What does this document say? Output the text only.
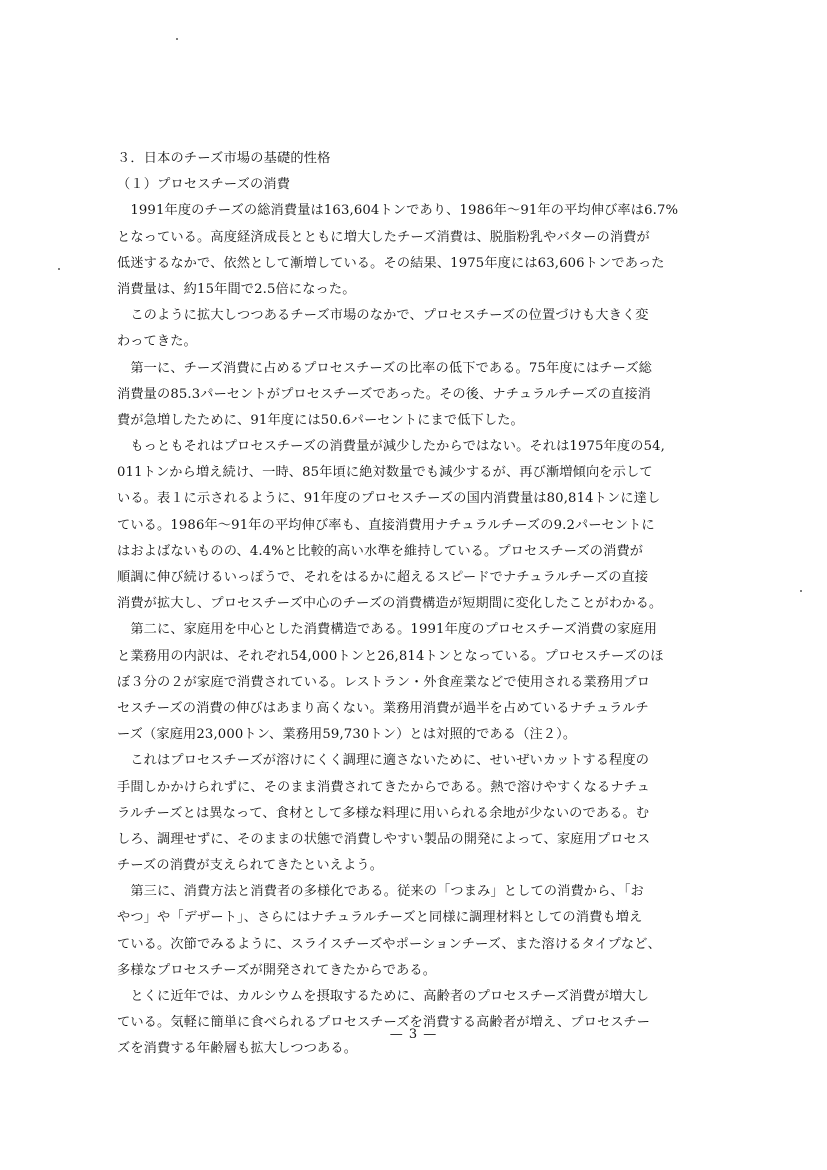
３．日本のチーズ市場の基礎的性格
（１）プロセスチーズの消費
　1991年度のチーズの総消費量は163,604トンであり、1986年〜91年の平均伸び率は6.7%
となっている。高度経済成長とともに増大したチーズ消費は、脱脂粉乳やバターの消費が
低迷するなかで、依然として漸増している。その結果、1975年度には63,606トンであった
消費量は、約15年間で2.5倍になった。
　このように拡大しつつあるチーズ市場のなかで、プロセスチーズの位置づけも大きく変
わってきた。
　第一に、チーズ消費に占めるプロセスチーズの比率の低下である。75年度にはチーズ総
消費量の85.3パーセントがプロセスチーズであった。その後、ナチュラルチーズの直接消
費が急増したために、91年度には50.6パーセントにまで低下した。
　もっともそれはプロセスチーズの消費量が減少したからではない。それは1975年度の54,
011トンから増え続け、一時、85年頃に絶対数量でも減少するが、再び漸増傾向を示して
いる。表１に示されるように、91年度のプロセスチーズの国内消費量は80,814トンに達し
ている。1986年〜91年の平均伸び率も、直接消費用ナチュラルチーズの9.2パーセントに
はおよばないものの、4.4%と比較的高い水準を維持している。プロセスチーズの消費が
順調に伸び続けるいっぽうで、それをはるかに超えるスピードでナチュラルチーズの直接
消費が拡大し、プロセスチーズ中心のチーズの消費構造が短期間に変化したことがわかる。
　第二に、家庭用を中心とした消費構造である。1991年度のプロセスチーズ消費の家庭用
と業務用の内訳は、それぞれ54,000トンと26,814トンとなっている。プロセスチーズのほ
ぼ３分の２が家庭で消費されている。レストラン・外食産業などで使用される業務用プロ
セスチーズの消費の伸びはあまり高くない。業務用消費が過半を占めているナチュラルチ
ーズ（家庭用23,000トン、業務用59,730トン）とは対照的である（注２）。
　これはプロセスチーズが溶けにくく調理に適さないために、せいぜいカットする程度の
手間しかかけられずに、そのまま消費されてきたからである。熱で溶けやすくなるナチュ
ラルチーズとは異なって、食材として多様な料理に用いられる余地が少ないのである。む
しろ、調理せずに、そのままの状態で消費しやすい製品の開発によって、家庭用プロセス
チーズの消費が支えられてきたといえよう。
　第三に、消費方法と消費者の多様化である。従来の「つまみ」としての消費から、「お
やつ」や「デザート」、さらにはナチュラルチーズと同様に調理材料としての消費も増え
ている。次節でみるように、スライスチーズやポーションチーズ、また溶けるタイプなど、
多様なプロセスチーズが開発されてきたからである。
　とくに近年では、カルシウムを摂取するために、高齢者のプロセスチーズ消費が増大し
ている。気軽に簡単に食べられるプロセスチーズを消費する高齢者が増え、プロセスチー
ズを消費する年齢層も拡大しつつある。
— 3 —
